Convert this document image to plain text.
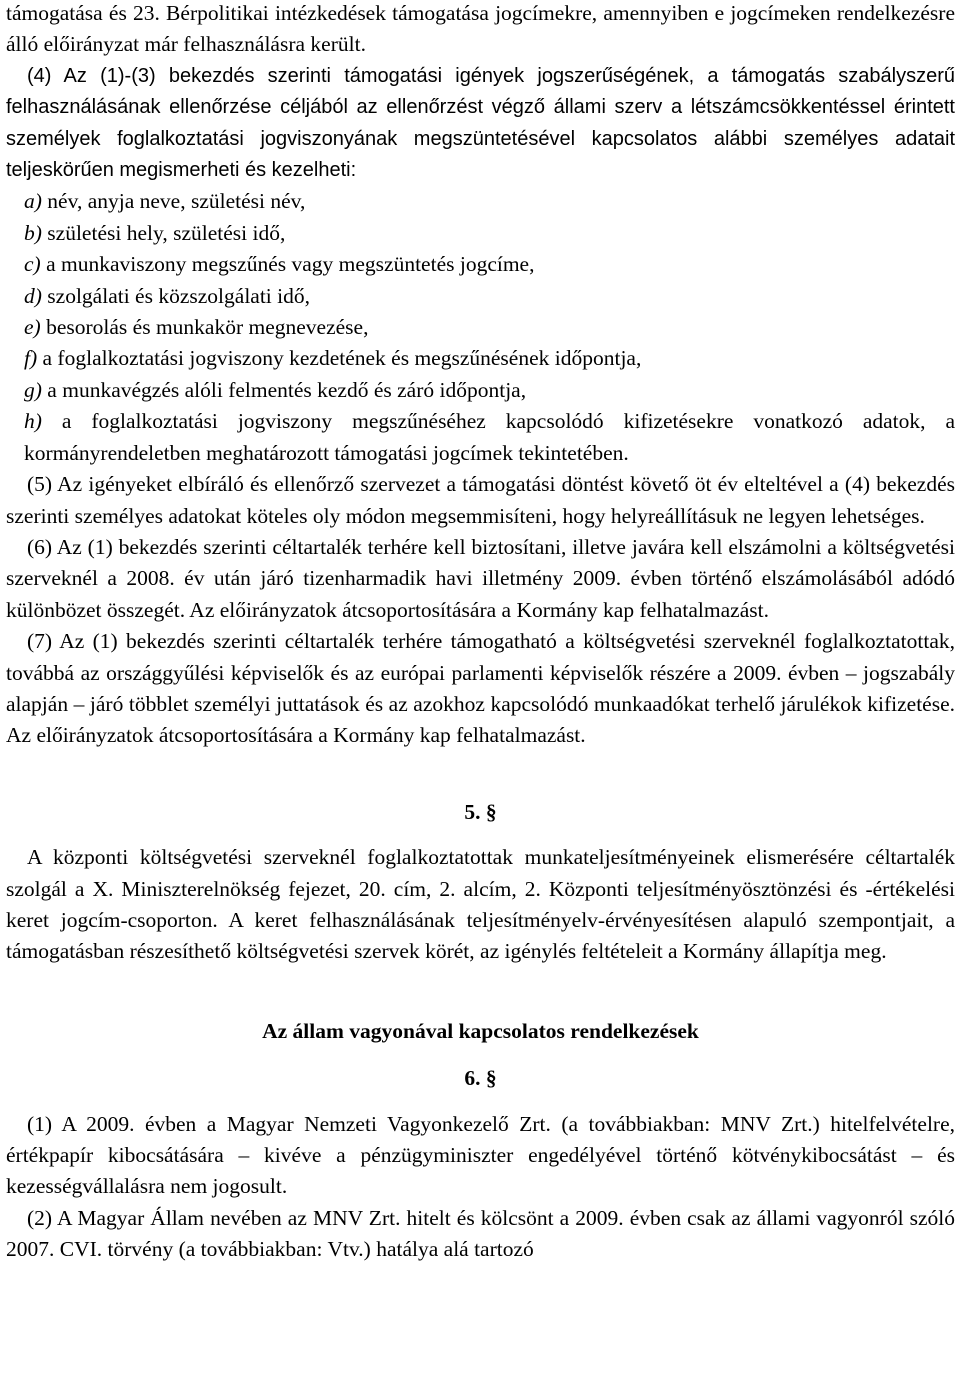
támogatása és 23. Bérpolitikai intézkedések támogatása jogcímekre, amennyiben e jogcímeken rendelkezésre álló előirányzat már felhasználásra került.

(4) Az (1)-(3) bekezdés szerinti támogatási igények jogszerűségének, a támogatás szabályszerű felhasználásának ellenőrzése céljából az ellenőrzést végző állami szerv a létszámcsökkentéssel érintett személyek foglalkoztatási jogviszonyának megszüntetésével kapcsolatos alábbi személyes adatait teljeskörűen megismerheti és kezelheti:

a) név, anyja neve, születési név,

b) születési hely, születési idő,

c) a munkaviszony megszűnés vagy megszüntetés jogcíme,

d) szolgálati és közszolgálati idő,

e) besorolás és munkakör megnevezése,

f) a foglalkoztatási jogviszony kezdetének és megszűnésének időpontja,

g) a munkavégzés alóli felmentés kezdő és záró időpontja,

h) a foglalkoztatási jogviszony megszűnéséhez kapcsolódó kifizetésekre vonatkozó adatok, a kormányrendeletben meghatározott támogatási jogcímek tekintetében.

(5) Az igényeket elbíráló és ellenőrző szervezet a támogatási döntést követő öt év elteltével a (4) bekezdés szerinti személyes adatokat köteles oly módon megsemmisíteni, hogy helyreállításuk ne legyen lehetséges.

(6) Az (1) bekezdés szerinti céltartalék terhére kell biztosítani, illetve javára kell elszámolni a költségvetési szerveknél a 2008. év után járó tizenharmadik havi illetmény 2009. évben történő elszámolásából adódó különbözet összegét. Az előirányzatok átcsoportosítására a Kormány kap felhatalmazást.

(7) Az (1) bekezdés szerinti céltartalék terhére támogatható a költségvetési szerveknél foglalkoztatottak, továbbá az országgyűlési képviselők és az európai parlamenti képviselők részére a 2009. évben – jogszabály alapján – járó többlet személyi juttatások és az azokhoz kapcsolódó munkaadókat terhelő járulékok kifizetése. Az előirányzatok átcsoportosítására a Kormány kap felhatalmazást.

5. §

A központi költségvetési szerveknél foglalkoztatottak munkateljesítményeinek elismerésére céltartalék szolgál a X. Miniszterelnökség fejezet, 20. cím, 2. alcím, 2. Központi teljesítményösztönzési és -értékelési keret jogcím-csoporton. A keret felhasználásának teljesítményelv-érvényesítésen alapuló szempontjait, a támogatásban részesíthető költségvetési szervek körét, az igénylés feltételeit a Kormány állapítja meg.

Az állam vagyonával kapcsolatos rendelkezések

6. §

(1) A 2009. évben a Magyar Nemzeti Vagyonkezelő Zrt. (a továbbiakban: MNV Zrt.) hitelfelvételre, értékpapír kibocsátására – kivéve a pénzügyminiszter engedélyével történő kötvénykibocsátást – és kezességvállalásra nem jogosult.

(2) A Magyar Állam nevében az MNV Zrt. hitelt és kölcsönt a 2009. évben csak az állami vagyonról szóló 2007. CVI. törvény (a továbbiakban: Vtv.) hatálya alá tartozó
